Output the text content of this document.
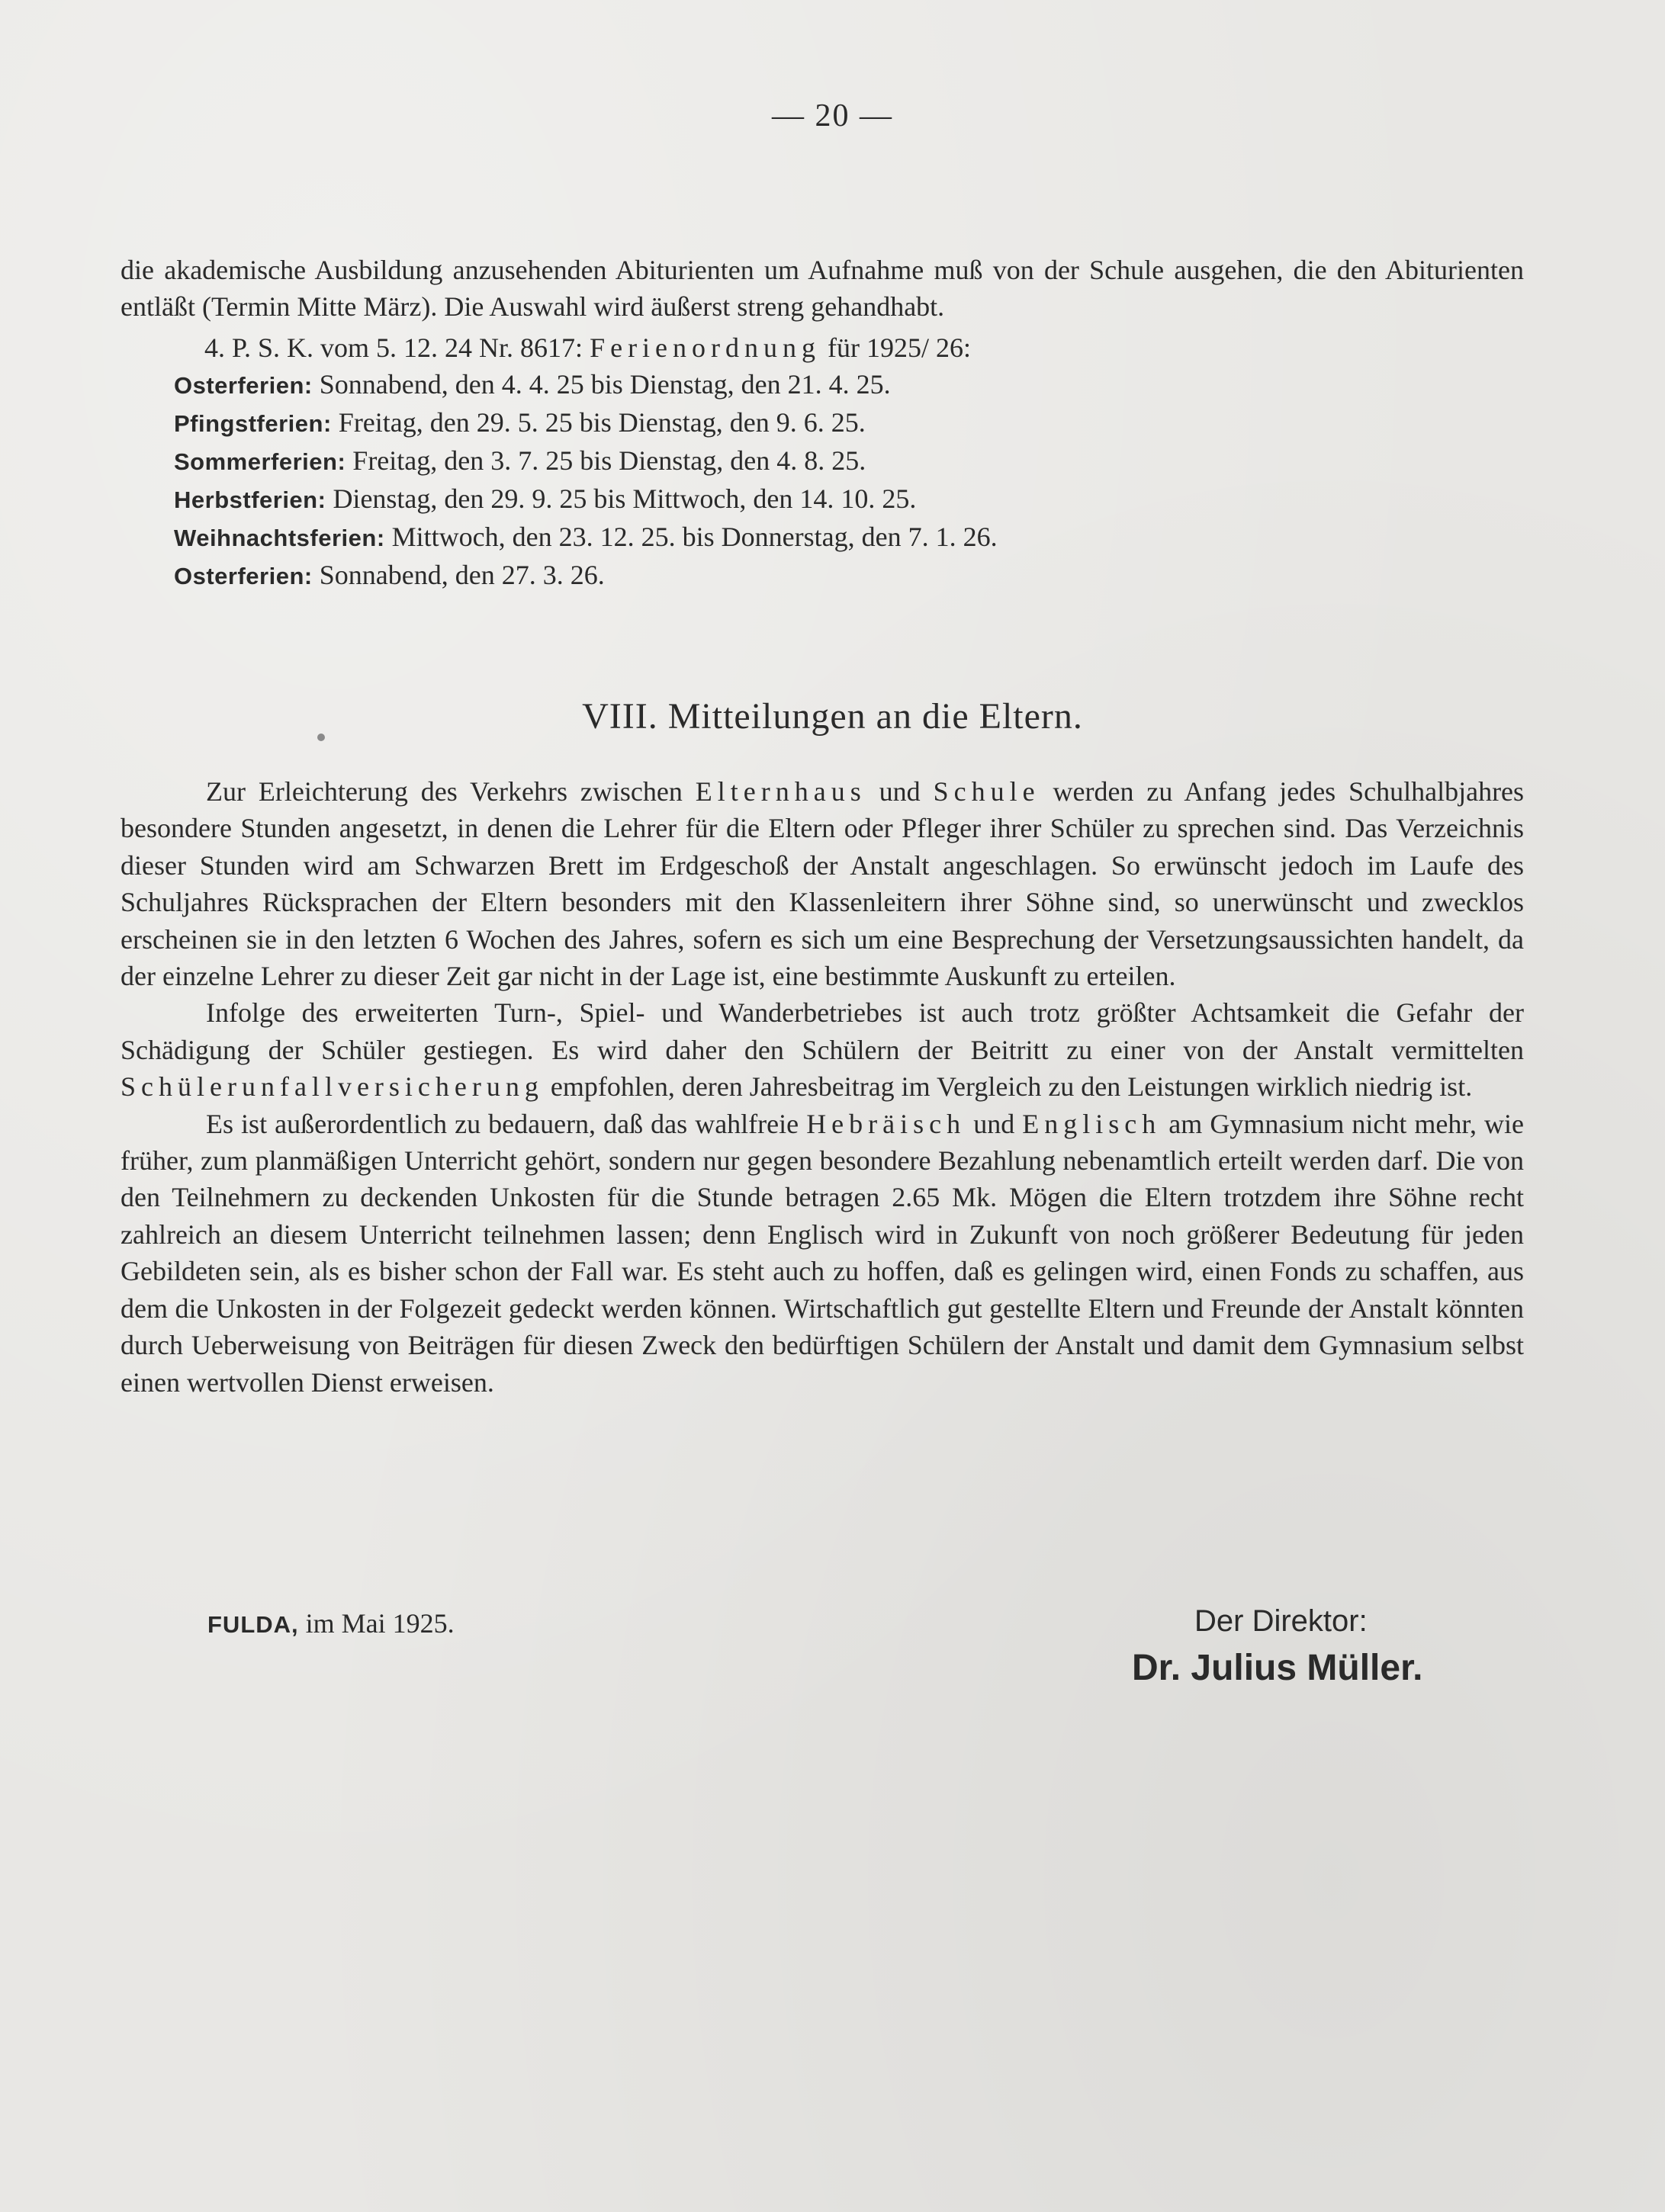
— 20 —

die akademische Ausbildung anzusehenden Abiturienten um Aufnahme muß von der Schule ausgehen, die den Abiturienten entläßt (Termin Mitte März). Die Auswahl wird äußerst streng gehandhabt.

4. P. S. K. vom 5. 12. 24 Nr. 8617: Ferienordnung für 1925/ 26:

Osterferien: Sonnabend, den 4. 4. 25 bis Dienstag, den 21. 4. 25.
Pfingstferien: Freitag, den 29. 5. 25 bis Dienstag, den 9. 6. 25.
Sommerferien: Freitag, den 3. 7. 25 bis Dienstag, den 4. 8. 25.
Herbstferien: Dienstag, den 29. 9. 25 bis Mittwoch, den 14. 10. 25.
Weihnachtsferien: Mittwoch, den 23. 12. 25. bis Donnerstag, den 7. 1. 26.
Osterferien: Sonnabend, den 27. 3. 26.
VIII. Mitteilungen an die Eltern.

Zur Erleichterung des Verkehrs zwischen Elternhaus und Schule werden zu Anfang jedes Schulhalbjahres besondere Stunden angesetzt, in denen die Lehrer für die Eltern oder Pfleger ihrer Schüler zu sprechen sind. Das Verzeichnis dieser Stunden wird am Schwarzen Brett im Erdgeschoß der Anstalt angeschlagen. So erwünscht jedoch im Laufe des Schuljahres Rücksprachen der Eltern besonders mit den Klassenleitern ihrer Söhne sind, so unerwünscht und zwecklos erscheinen sie in den letzten 6 Wochen des Jahres, sofern es sich um eine Besprechung der Versetzungsaussichten handelt, da der einzelne Lehrer zu dieser Zeit gar nicht in der Lage ist, eine bestimmte Auskunft zu erteilen.

Infolge des erweiterten Turn-, Spiel- und Wanderbetriebes ist auch trotz größter Achtsamkeit die Gefahr der Schädigung der Schüler gestiegen. Es wird daher den Schülern der Beitritt zu einer von der Anstalt vermittelten Schülerunfallversicherung empfohlen, deren Jahresbeitrag im Vergleich zu den Leistungen wirklich niedrig ist.

Es ist außerordentlich zu bedauern, daß das wahlfreie Hebräisch und Englisch am Gymnasium nicht mehr, wie früher, zum planmäßigen Unterricht gehört, sondern nur gegen besondere Bezahlung nebenamtlich erteilt werden darf. Die von den Teilnehmern zu deckenden Unkosten für die Stunde betragen 2.65 Mk. Mögen die Eltern trotzdem ihre Söhne recht zahlreich an diesem Unterricht teilnehmen lassen; denn Englisch wird in Zukunft von noch größerer Bedeutung für jeden Gebildeten sein, als es bisher schon der Fall war. Es steht auch zu hoffen, daß es gelingen wird, einen Fonds zu schaffen, aus dem die Unkosten in der Folgezeit gedeckt werden können. Wirtschaftlich gut gestellte Eltern und Freunde der Anstalt könnten durch Ueberweisung von Beiträgen für diesen Zweck den bedürftigen Schülern der Anstalt und damit dem Gymnasium selbst einen wertvollen Dienst erweisen.

FULDA, im Mai 1925.	Der Direktor:
Dr. Julius Müller.
